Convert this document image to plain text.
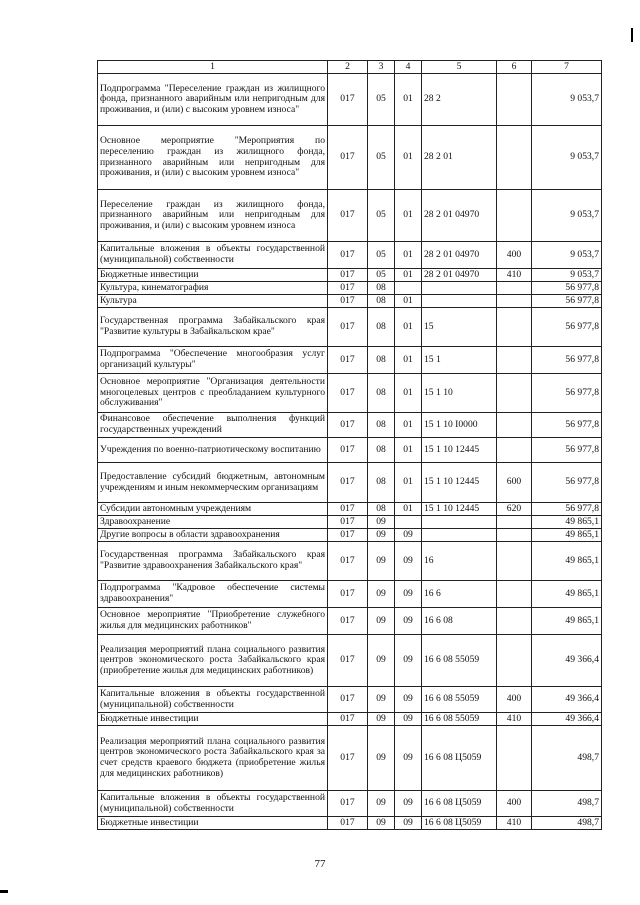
1	2	3	4	5	6	7
Подпрограмма "Переселение граждан из жилищного фонда, признанного аварийным или непригодным для проживания, и (или) с высоким уровнем износа"	017	05	01	28 2		9 053,7
Основное мероприятие "Мероприятия по переселению граждан из жилищного фонда, признанного аварийным или непригодным для проживания, и (или) с высоким уровнем износа"	017	05	01	28 2 01		9 053,7
Переселение граждан из жилищного фонда, признанного аварийным или непригодным для проживания, и (или) с высоким уровнем износа	017	05	01	28 2 01 04970		9 053,7
Капитальные вложения в объекты государственной (муниципальной) собственности	017	05	01	28 2 01 04970	400	9 053,7
Бюджетные инвестиции	017	05	01	28 2 01 04970	410	9 053,7
Культура, кинематография	017	08				56 977,8
Культура	017	08	01			56 977,8
Государственная программа Забайкальского края "Развитие культуры в Забайкальском крае"	017	08	01	15		56 977,8
Подпрограмма "Обеспечение многообразия услуг организаций культуры"	017	08	01	15 1		56 977,8
Основное мероприятие "Организация деятельности многоцелевых центров с преобладанием культурного обслуживания"	017	08	01	15 1 10		56 977,8
Финансовое обеспечение выполнения функций государственных учреждений	017	08	01	15 1 10 I0000		56 977,8
Учреждения по военно-патриотическому воспитанию	017	08	01	15 1 10 12445		56 977,8
Предоставление субсидий бюджетным, автономным учреждениям и иным некоммерческим организациям	017	08	01	15 1 10 12445	600	56 977,8
Субсидии автономным учреждениям	017	08	01	15 1 10 12445	620	56 977,8
Здравоохранение	017	09				49 865,1
Другие вопросы в области здравоохранения	017	09	09			49 865,1
Государственная программа Забайкальского края "Развитие здравоохранения Забайкальского края"	017	09	09	16		49 865,1
Подпрограмма "Кадровое обеспечение системы здравоохранения"	017	09	09	16 6		49 865,1
Основное мероприятие "Приобретение служебного жилья для медицинских работников"	017	09	09	16 6 08		49 865,1
Реализация мероприятий плана социального развития центров экономического роста Забайкальского края (приобретение жилья для медицинских работников)	017	09	09	16 6 08 55059		49 366,4
Капитальные вложения в объекты государственной (муниципальной) собственности	017	09	09	16 6 08 55059	400	49 366,4
Бюджетные инвестиции	017	09	09	16 6 08 55059	410	49 366,4
Реализация мероприятий плана социального развития центров экономического роста Забайкальского края за счет средств краевого бюджета (приобретение жилья для медицинских работников)	017	09	09	16 6 08 Ц5059		498,7
Капитальные вложения в объекты государственной (муниципальной) собственности	017	09	09	16 6 08 Ц5059	400	498,7
Бюджетные инвестиции	017	09	09	16 6 08 Ц5059	410	498,7
77
